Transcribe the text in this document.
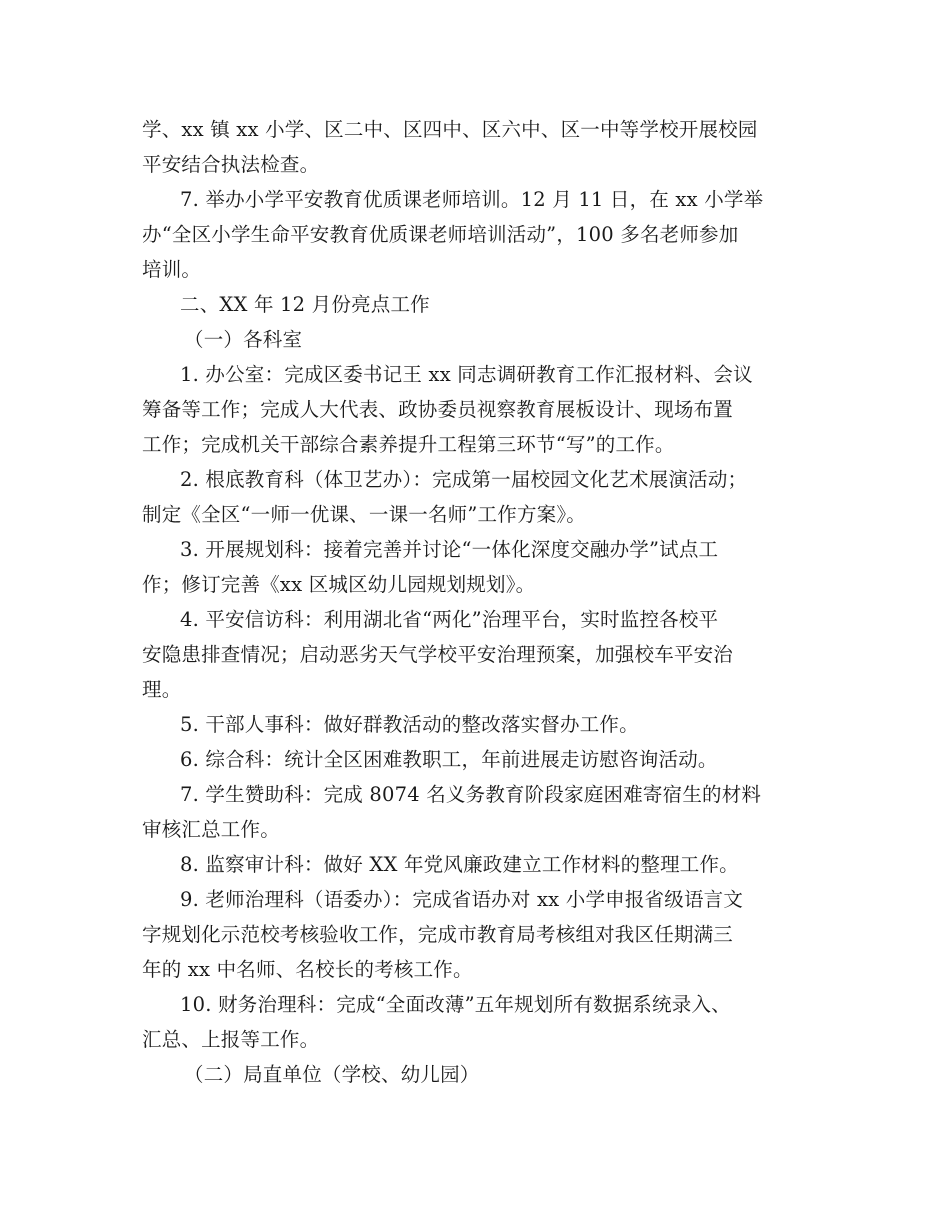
学、xx 镇 xx 小学、区二中、区四中、区六中、区一中等学校开展校园
平安结合执法检查。
7. 举办小学平安教育优质课老师培训。12 月 11 日，在 xx 小学举
办“全区小学生命平安教育优质课老师培训活动”，100 多名老师参加
培训。
二、XX 年 12 月份亮点工作
（一）各科室
1. 办公室：完成区委书记王 xx 同志调研教育工作汇报材料、会议
筹备等工作；完成人大代表、政协委员视察教育展板设计、现场布置
工作；完成机关干部综合素养提升工程第三环节“写”的工作。
2. 根底教育科（体卫艺办）：完成第一届校园文化艺术展演活动；
制定《全区“一师一优课、一课一名师”工作方案》。
3. 开展规划科：接着完善并讨论“一体化深度交融办学”试点工
作；修订完善《xx 区城区幼儿园规划规划》。
4. 平安信访科：利用湖北省“两化”治理平台，实时监控各校平
安隐患排查情况；启动恶劣天气学校平安治理预案，加强校车平安治
理。
5. 干部人事科：做好群教活动的整改落实督办工作。
6. 综合科：统计全区困难教职工，年前进展走访慰咨询活动。
7. 学生赞助科：完成 8074 名义务教育阶段家庭困难寄宿生的材料
审核汇总工作。
8. 监察审计科：做好 XX 年党风廉政建立工作材料的整理工作。
9. 老师治理科（语委办）：完成省语办对 xx 小学申报省级语言文
字规划化示范校考核验收工作，完成市教育局考核组对我区任期满三
年的 xx 中名师、名校长的考核工作。
10. 财务治理科：完成“全面改薄”五年规划所有数据系统录入、
汇总、上报等工作。
（二）局直单位（学校、幼儿园）
